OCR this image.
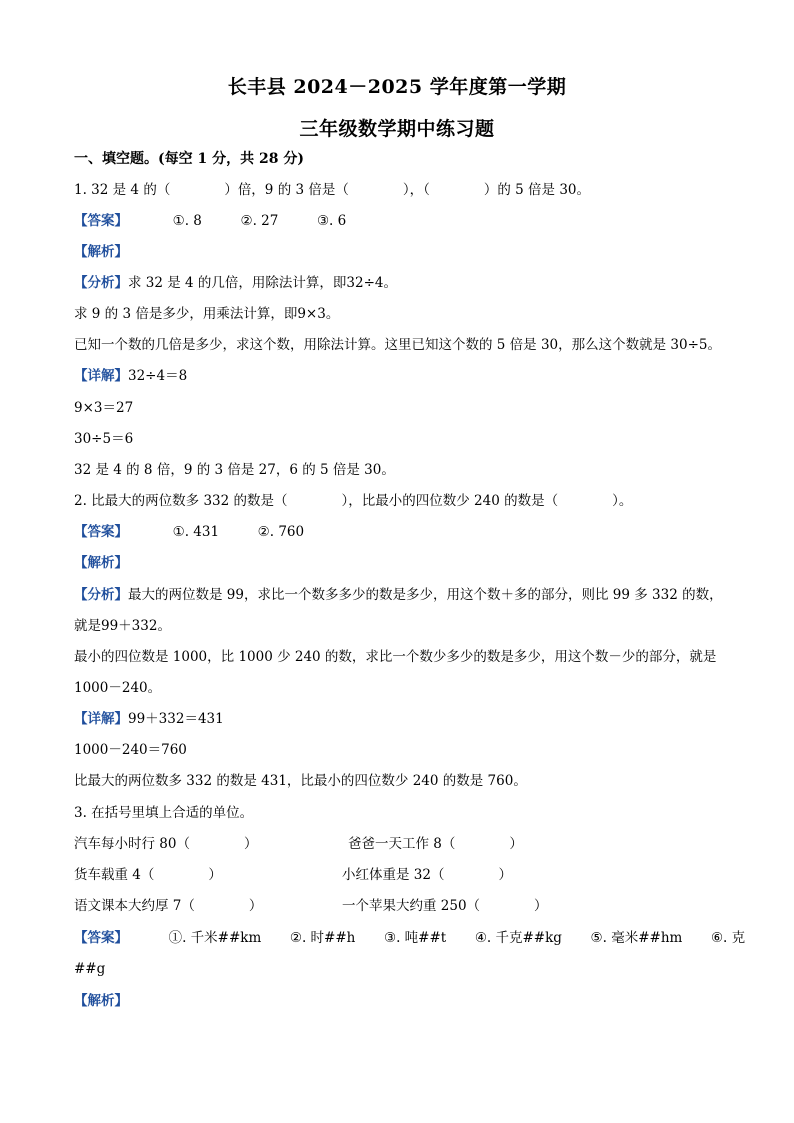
长丰县 2024－2025 学年度第一学期
三年级数学期中练习题
一、填空题。(每空 1 分，共 28 分)
1. 32 是 4 的（　　　　）倍，9 的 3 倍是（　　　　），（　　　　）的 5 倍是 30。
【答案】	①. 8	②. 27	③. 6
【解析】
【分析】求 32 是 4 的几倍，用除法计算，即32÷4。
求 9 的 3 倍是多少，用乘法计算，即9×3。
已知一个数的几倍是多少，求这个数，用除法计算。这里已知这个数的 5 倍是 30，那么这个数就是 30÷5。
【详解】32÷4＝8
9×3＝27
30÷5＝6
32 是 4 的 8 倍，9 的 3 倍是 27，6 的 5 倍是 30。
2. 比最大的两位数多 332 的数是（　　　　），比最小的四位数少 240 的数是（　　　　）。
【答案】	①. 431	②. 760
【解析】
【分析】最大的两位数是 99，求比一个数多多少的数是多少，用这个数＋多的部分，则比 99 多 332 的数，
就是99＋332。
最小的四位数是 1000，比 1000 少 240 的数，求比一个数少多少的数是多少，用这个数－少的部分，就是
1000－240。
【详解】99＋332＝431
1000－240＝760
比最大的两位数多 332 的数是 431，比最小的四位数少 240 的数是 760。
3. 在括号里填上合适的单位。
汽车每小时行 80（　　　　）	爸爸一天工作 8（　　　　）
货车载重 4（　　　　）	小红体重是 32（　　　　）
语文课本大约厚 7（　　　　）	一个苹果大约重 250（　　　　）
【答案】	①. 千米##km ②. 时##h ③. 吨##t ④. 千克##kg ⑤. 毫米##hm ⑥. 克
##g
【解析】
